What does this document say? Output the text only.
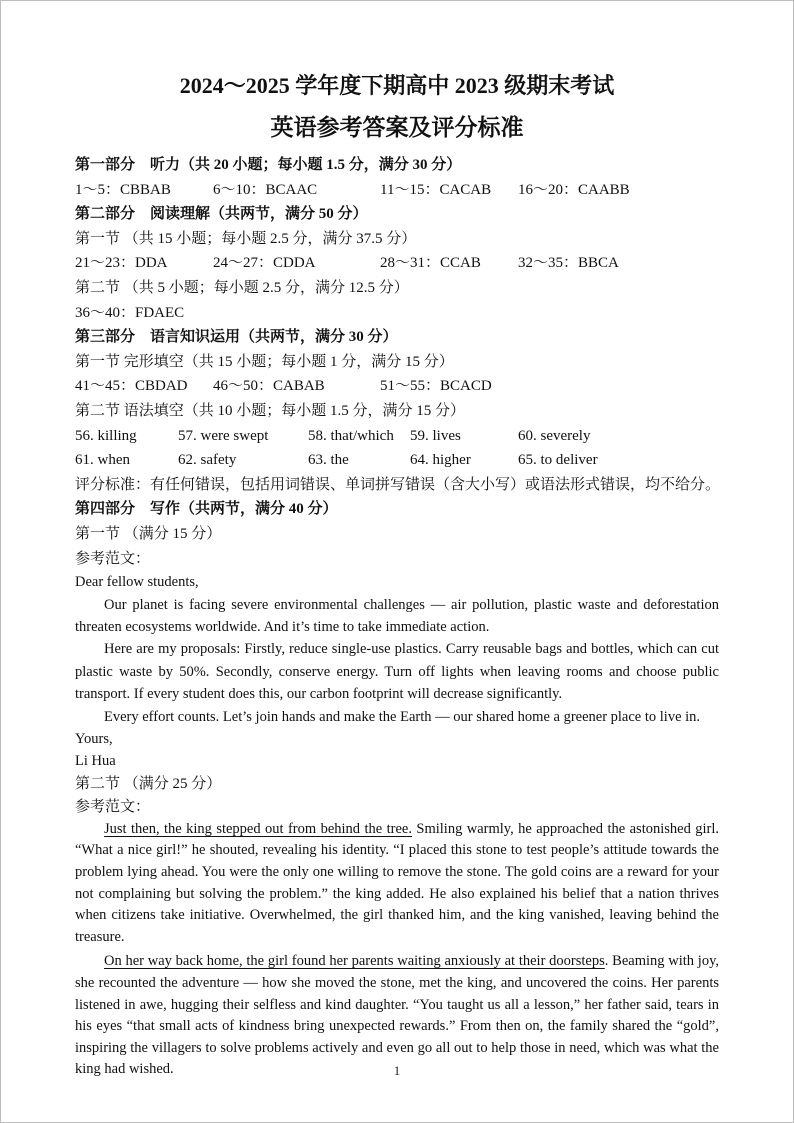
2024～2025 学年度下期高中 2023 级期末考试
英语参考答案及评分标准
第一部分　听力（共 20 小题；每小题 1.5 分，满分 30 分）
1～5：CBBAB	6～10：BCAAC	11～15：CACAB	16～20：CAABB
第二部分　阅读理解（共两节，满分 50 分）
第一节 （共 15 小题；每小题 2.5 分，满分 37.5 分）
21～23：DDA	24～27：CDDA	28～31：CCAB	32～35：BBCA
第二节 （共 5 小题；每小题 2.5 分，满分 12.5 分）
36～40：FDAEC
第三部分　语言知识运用（共两节，满分 30 分）
第一节 完形填空（共 15 小题；每小题 1 分，满分 15 分）
41～45：CBDAD	46～50：CABAB	51～55：BCACD
第二节 语法填空（共 10 小题；每小题 1.5 分，满分 15 分）
56. killing	57. were swept	58. that/which	59. lives	60. severely
61. when	62. safety	63. the	64. higher	65. to deliver
评分标准：有任何错误，包括用词错误、单词拼写错误（含大小写）或语法形式错误，均不给分。
第四部分　写作（共两节，满分 40 分）
第一节 （满分 15 分）
参考范文：

Dear fellow students,

Our planet is facing severe environmental challenges — air pollution, plastic waste and deforestation threaten ecosystems worldwide. And it’s time to take immediate action.

Here are my proposals: Firstly, reduce single-use plastics. Carry reusable bags and bottles, which can cut plastic waste by 50%. Secondly, conserve energy. Turn off lights when leaving rooms and choose public transport. If every student does this, our carbon footprint will decrease significantly.

Every effort counts. Let’s join hands and make the Earth — our shared home a greener place to live in.

Yours,

Li Hua

第二节 （满分 25 分）
参考范文：

Just then, the king stepped out from behind the tree. Smiling warmly, he approached the astonished girl. “What a nice girl!” he shouted, revealing his identity. “I placed this stone to test people’s attitude towards the problem lying ahead. You were the only one willing to remove the stone. The gold coins are a reward for your not complaining but solving the problem.” the king added. He also explained his belief that a nation thrives when citizens take initiative. Overwhelmed, the girl thanked him, and the king vanished, leaving behind the treasure.

On her way back home, the girl found her parents waiting anxiously at their doorsteps. Beaming with joy, she recounted the adventure — how she moved the stone, met the king, and uncovered the coins. Her parents listened in awe, hugging their selfless and kind daughter. “You taught us all a lesson,” her father said, tears in his eyes “that small acts of kindness bring unexpected rewards.” From then on, the family shared the “gold”, inspiring the villagers to solve problems actively and even go all out to help those in need, which was what the king had wished.	1
